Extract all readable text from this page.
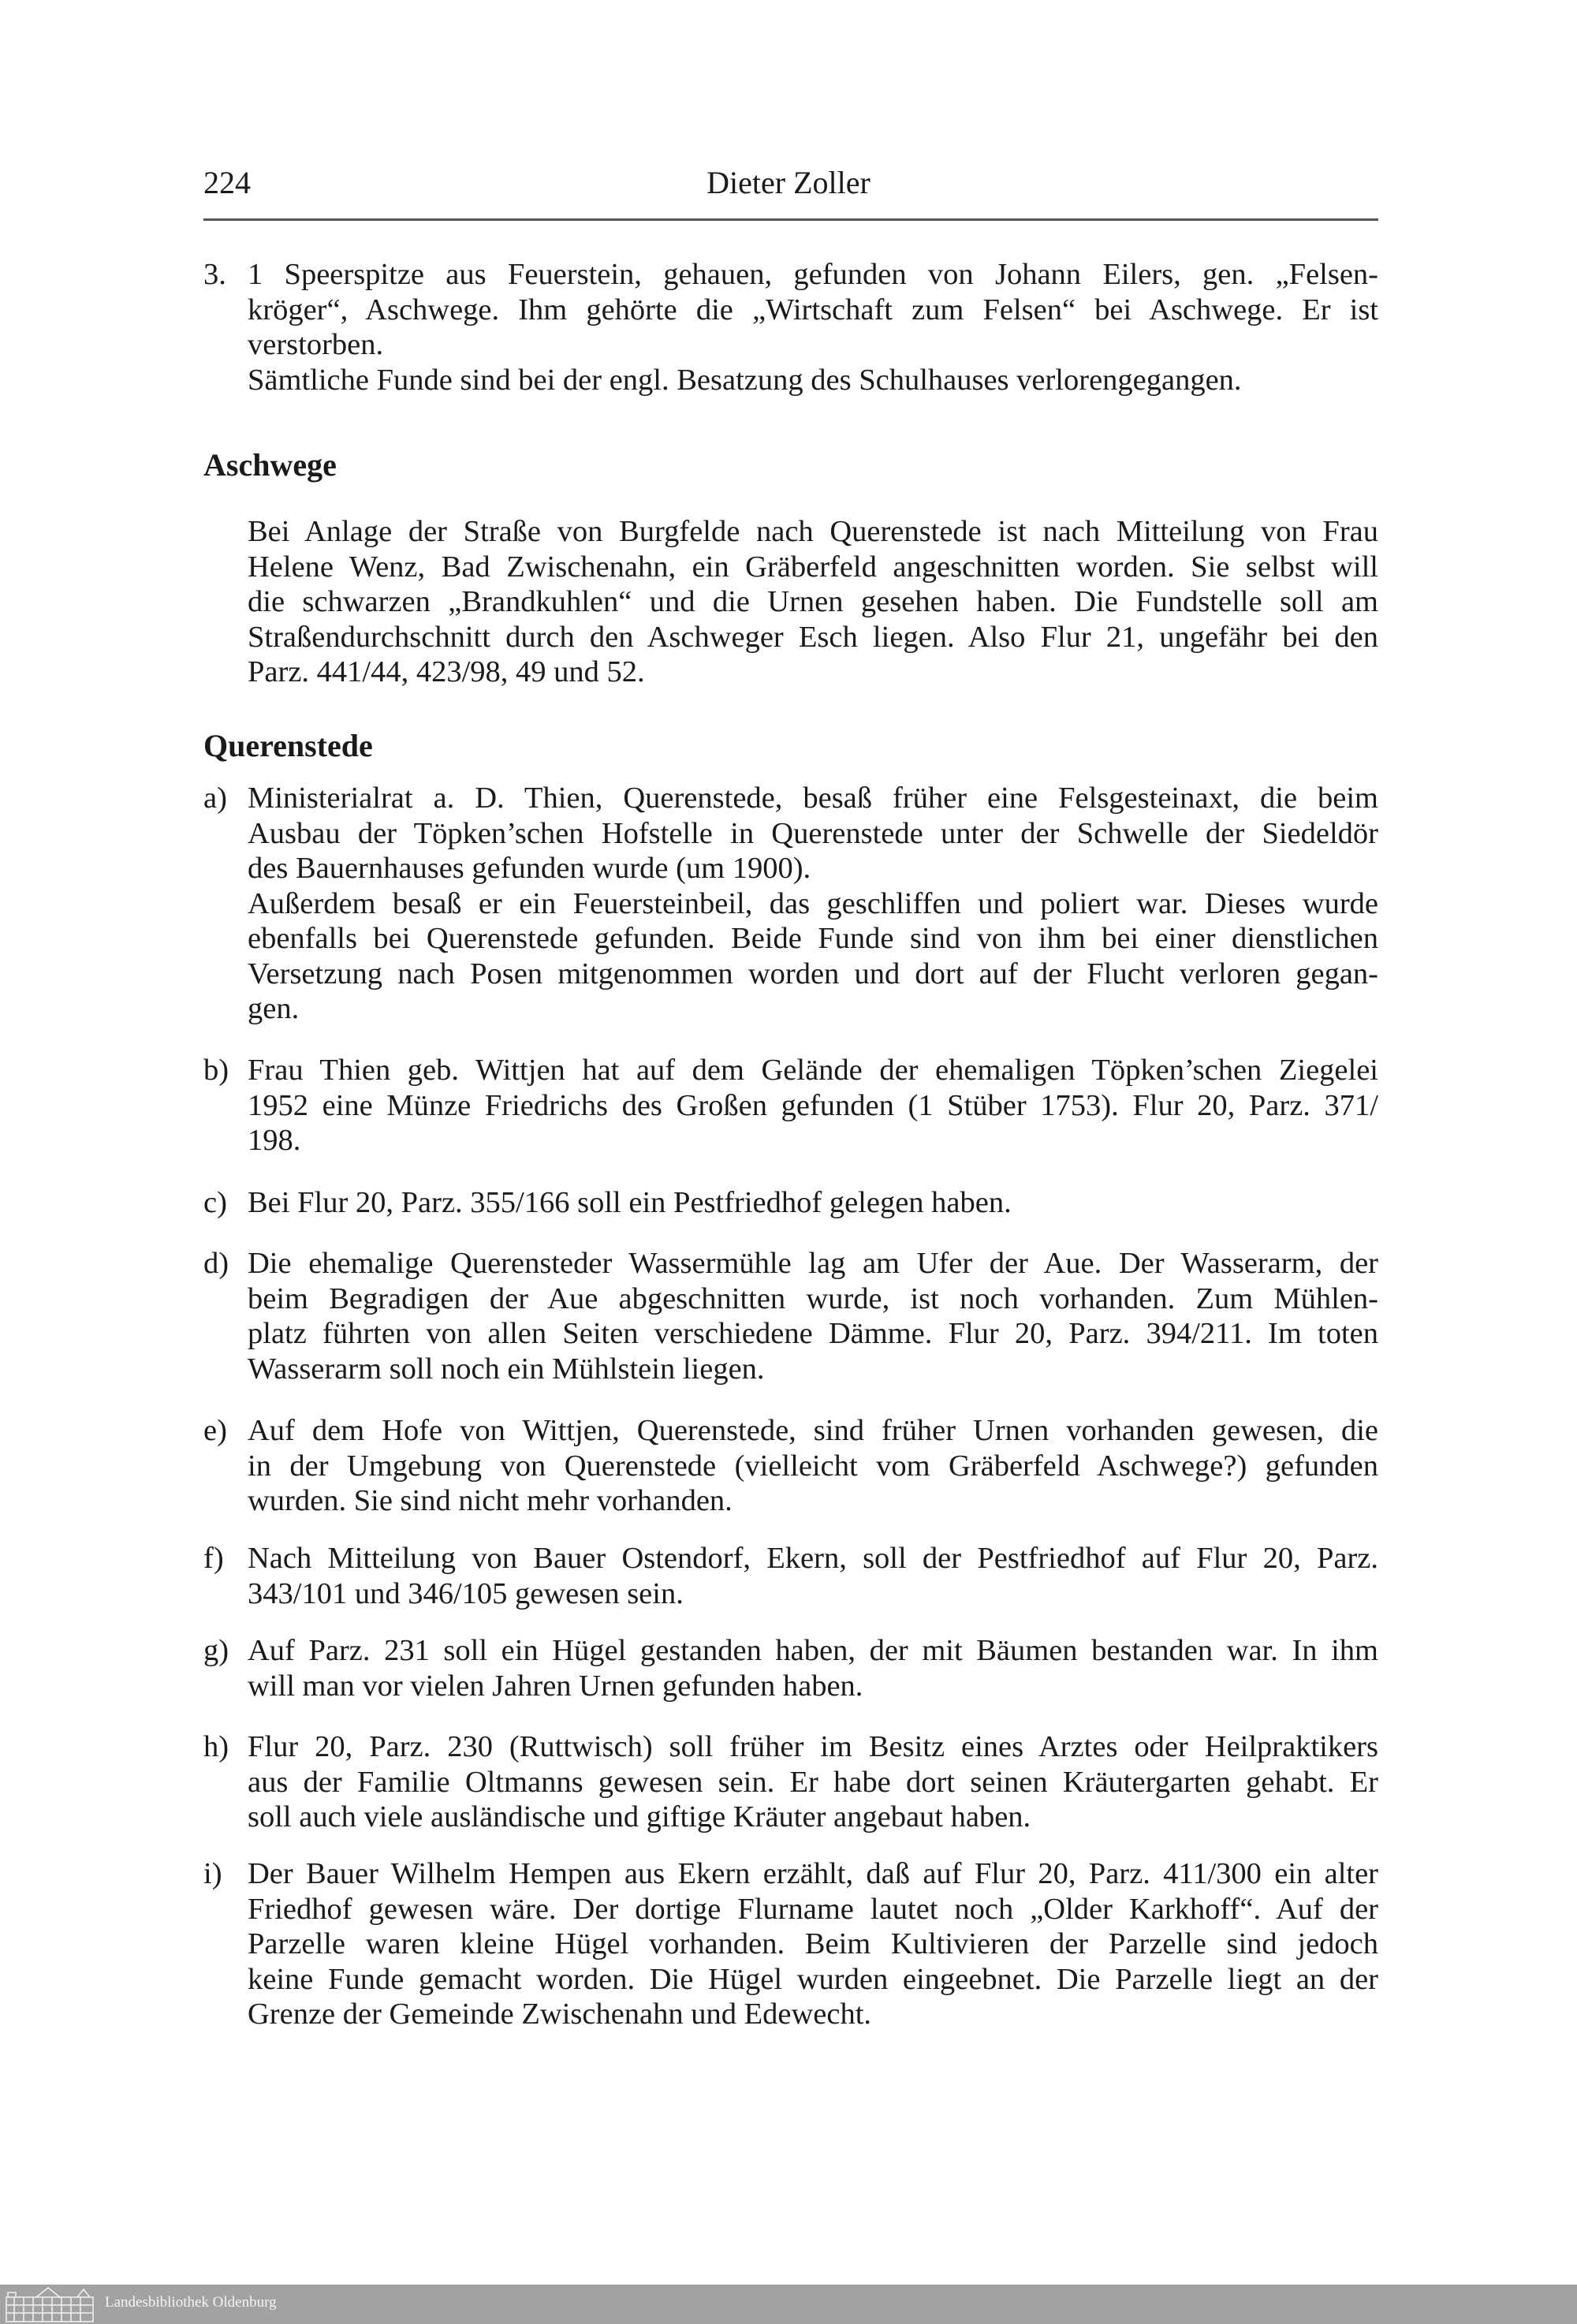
224	Dieter Zoller
3. 1 Speerspitze aus Feuerstein, gehauen, gefunden von Johann Eilers, gen. „Felsen-
kröger“, Aschwege. Ihm gehörte die „Wirtschaft zum Felsen“ bei Aschwege. Er ist
verstorben.
Sämtliche Funde sind bei der engl. Besatzung des Schulhauses verlorengegangen.
Aschwege
Bei Anlage der Straße von Burgfelde nach Querenstede ist nach Mitteilung von Frau
Helene Wenz, Bad Zwischenahn, ein Gräberfeld angeschnitten worden. Sie selbst will
die schwarzen „Brandkuhlen“ und die Urnen gesehen haben. Die Fundstelle soll am
Straßendurchschnitt durch den Aschweger Esch liegen. Also Flur 21, ungefähr bei den
Parz. 441/44, 423/98, 49 und 52.
Querenstede
a) Ministerialrat a. D. Thien, Querenstede, besaß früher eine Felsgesteinaxt, die beim
Ausbau der Töpken’schen Hofstelle in Querenstede unter der Schwelle der Siedeldör
des Bauernhauses gefunden wurde (um 1900).
Außerdem besaß er ein Feuersteinbeil, das geschliffen und poliert war. Dieses wurde
ebenfalls bei Querenstede gefunden. Beide Funde sind von ihm bei einer dienstlichen
Versetzung nach Posen mitgenommen worden und dort auf der Flucht verloren gegan-
gen.
b) Frau Thien geb. Wittjen hat auf dem Gelände der ehemaligen Töpken’schen Ziegelei
1952 eine Münze Friedrichs des Großen gefunden (1 Stüber 1753). Flur 20, Parz. 371/
198.
c) Bei Flur 20, Parz. 355/166 soll ein Pestfriedhof gelegen haben.
d) Die ehemalige Querensteder Wassermühle lag am Ufer der Aue. Der Wasserarm, der
beim Begradigen der Aue abgeschnitten wurde, ist noch vorhanden. Zum Mühlen-
platz führten von allen Seiten verschiedene Dämme. Flur 20, Parz. 394/211. Im toten
Wasserarm soll noch ein Mühlstein liegen.
e) Auf dem Hofe von Wittjen, Querenstede, sind früher Urnen vorhanden gewesen, die
in der Umgebung von Querenstede (vielleicht vom Gräberfeld Aschwege?) gefunden
wurden. Sie sind nicht mehr vorhanden.
f) Nach Mitteilung von Bauer Ostendorf, Ekern, soll der Pestfriedhof auf Flur 20, Parz.
343/101 und 346/105 gewesen sein.
g) Auf Parz. 231 soll ein Hügel gestanden haben, der mit Bäumen bestanden war. In ihm
will man vor vielen Jahren Urnen gefunden haben.
h) Flur 20, Parz. 230 (Ruttwisch) soll früher im Besitz eines Arztes oder Heilpraktikers
aus der Familie Oltmanns gewesen sein. Er habe dort seinen Kräutergarten gehabt. Er
soll auch viele ausländische und giftige Kräuter angebaut haben.
i) Der Bauer Wilhelm Hempen aus Ekern erzählt, daß auf Flur 20, Parz. 411/300 ein alter
Friedhof gewesen wäre. Der dortige Flurname lautet noch „Older Karkhoff“. Auf der
Parzelle waren kleine Hügel vorhanden. Beim Kultivieren der Parzelle sind jedoch
keine Funde gemacht worden. Die Hügel wurden eingeebnet. Die Parzelle liegt an der
Grenze der Gemeinde Zwischenahn und Edewecht.
Landesbibliothek Oldenburg
